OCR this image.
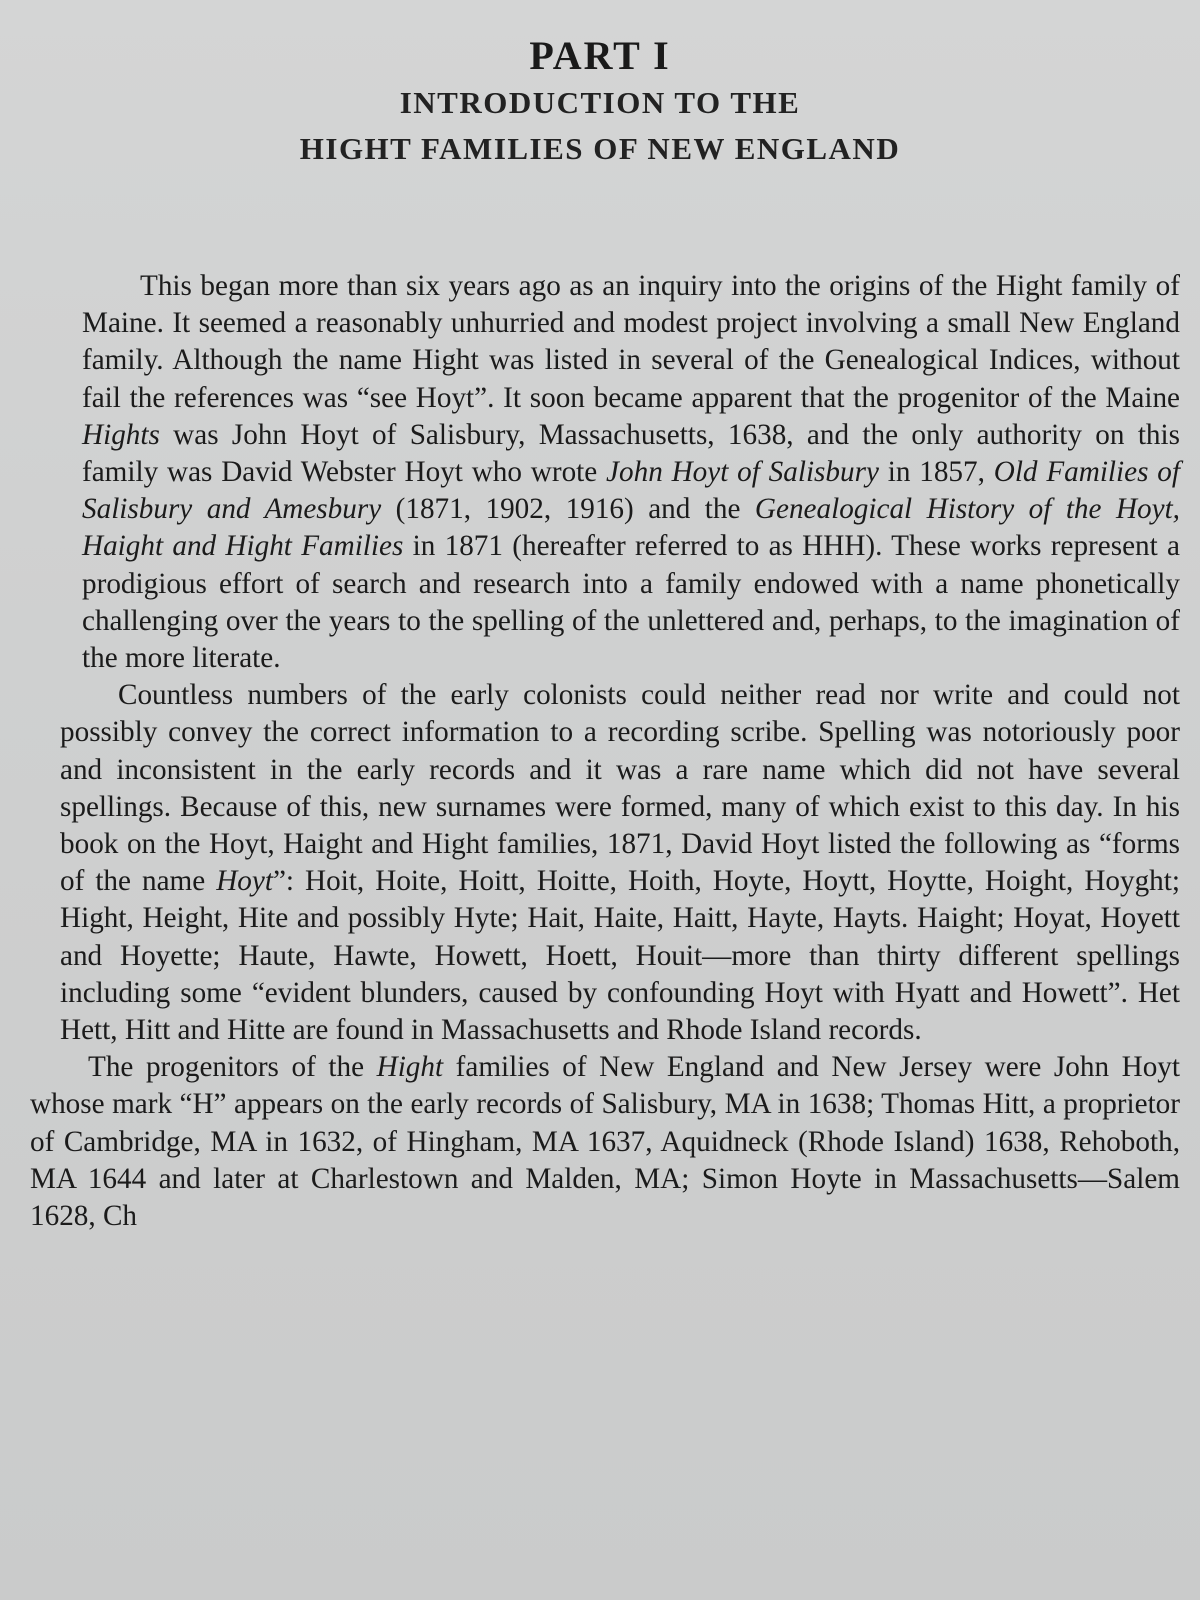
PART I
INTRODUCTION TO THE
HIGHT FAMILIES OF NEW ENGLAND

This began more than six years ago as an inquiry into the origins of the Hight family of Maine. It seemed a reasonably unhurried and modest project involving a small New England family. Although the name Hight was listed in several of the Genealogical Indices, without fail the references was “see Hoyt”. It soon became apparent that the progenitor of the Maine Hights was John Hoyt of Salisbury, Massachusetts, 1638, and the only authority on this family was David Webster Hoyt who wrote John Hoyt of Salisbury in 1857, Old Families of Salisbury and Amesbury (1871, 1902, 1916) and the Genealogical History of the Hoyt, Haight and Hight Families in 1871 (hereafter referred to as HHH). These works represent a prodigious effort of search and research into a family endowed with a name phonetically challenging over the years to the spelling of the unlettered and, perhaps, to the imagination of the more literate.

Countless numbers of the early colonists could neither read nor write and could not possibly convey the correct information to a recording scribe. Spelling was notoriously poor and inconsistent in the early records and it was a rare name which did not have several spellings. Because of this, new surnames were formed, many of which exist to this day. In his book on the Hoyt, Haight and Hight families, 1871, David Hoyt listed the following as “forms of the name Hoyt”: Hoit, Hoite, Hoitt, Hoitte, Hoith, Hoyte, Hoytt, Hoytte, Hoight, Hoyght; Hight, Height, Hite and possibly Hyte; Hait, Haite, Haitt, Hayte, Hayts. Haight; Hoyat, Hoyett and Hoyette; Haute, Hawte, Howett, Hoett, Houit—more than thirty different spellings including some “evident blunders, caused by confounding Hoyt with Hyatt and Howett”. Het Hett, Hitt and Hitte are found in Massachusetts and Rhode Island records.

The progenitors of the Hight families of New England and New Jersey were John Hoyt whose mark “H” appears on the early records of Salisbury, MA in 1638; Thomas Hitt, a proprietor of Cambridge, MA in 1632, of Hingham, MA 1637, Aquidneck (Rhode Island) 1638, Rehoboth, MA 1644 and later at Charlestown and Malden, MA; Simon Hoyte in Massachusetts—Salem 1628, Ch
